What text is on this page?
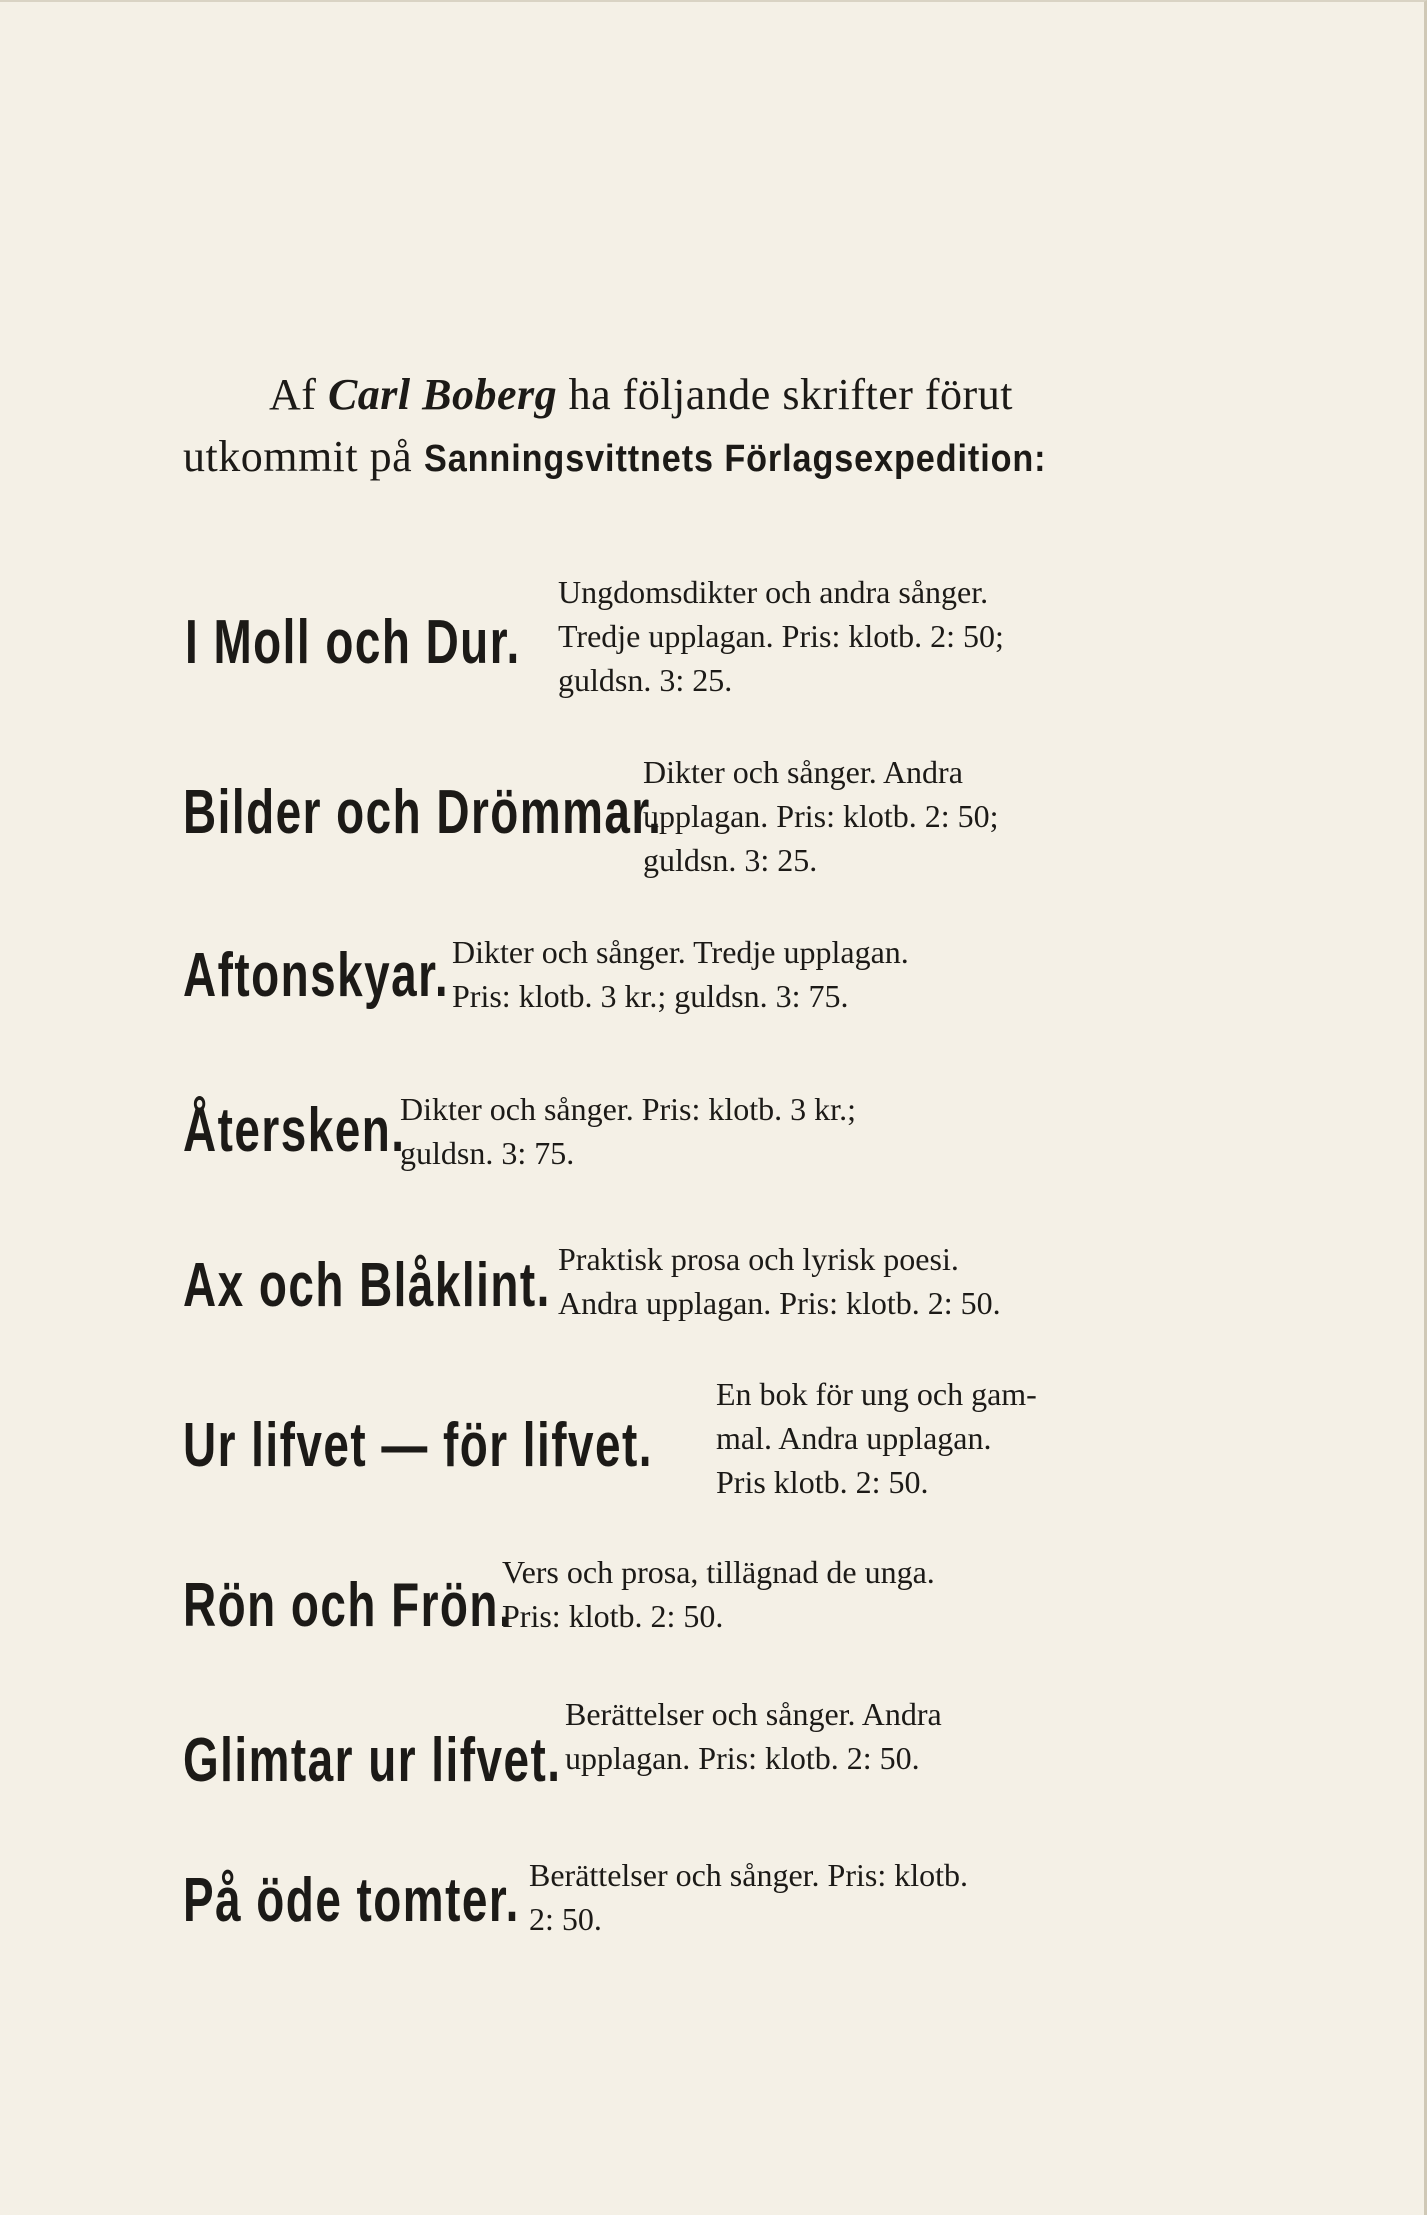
Af Carl Boberg ha följande skrifter förut
utkommit på Sanningsvittnets Förlagsexpedition:
I Moll och Dur.
Ungdomsdikter och andra sånger.
Tredje upplagan. Pris: klotb. 2: 50;
guldsn. 3: 25.
Bilder och Drömmar.
Dikter och sånger. Andra
upplagan. Pris: klotb. 2: 50;
guldsn. 3: 25.
Aftonskyar. Dikter och sånger. Tredje upplagan.
Pris: klotb. 3 kr.; guldsn. 3: 75.
Återsken.
Dikter och sånger. Pris: klotb. 3 kr.;
guldsn. 3: 75.
Ax och Blåklint. Praktisk prosa och lyrisk poesi.
Andra upplagan. Pris: klotb. 2: 50.
Ur lifvet — för lifvet.
En bok för ung och gam-
mal. Andra upplagan.
Pris klotb. 2: 50.
Rön och Frön.
Vers och prosa, tillägnad de unga.
Pris: klotb. 2: 50.
Glimtar ur lifvet.
Berättelser och sånger. Andra
upplagan. Pris: klotb. 2: 50.
På öde tomter. Berättelser och sånger. Pris: klotb.
2: 50.
